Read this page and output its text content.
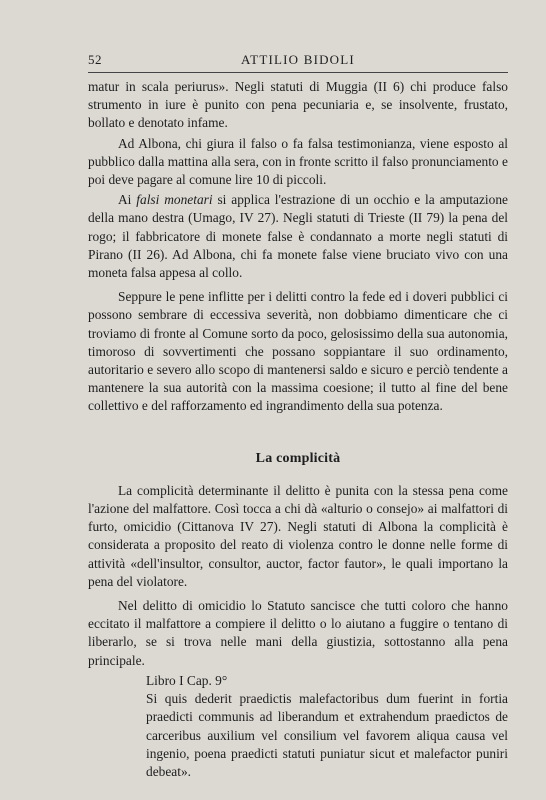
52	ATTILIO BIDOLI

matur in scala periurus». Negli statuti di Muggia (II 6) chi produce falso strumento in iure è punito con pena pecuniaria e, se insolvente, frustato, bollato e denotato infame.

Ad Albona, chi giura il falso o fa falsa testimonianza, viene esposto al pubblico dalla mattina alla sera, con in fronte scritto il falso pronunciamento e poi deve pagare al comune lire 10 di piccoli.

Ai falsi monetari si applica l'estrazione di un occhio e la amputazione della mano destra (Umago, IV 27). Negli statuti di Trieste (II 79) la pena del rogo; il fabbricatore di monete false è condannato a morte negli statuti di Pirano (II 26). Ad Albona, chi fa monete false viene bruciato vivo con una moneta falsa appesa al collo.

Seppure le pene inflitte per i delitti contro la fede ed i doveri pubblici ci possono sembrare di eccessiva severità, non dobbiamo dimenticare che ci troviamo di fronte al Comune sorto da poco, gelosissimo della sua autonomia, timoroso di sovvertimenti che possano soppiantare il suo ordinamento, autoritario e severo allo scopo di mantenersi saldo e sicuro e perciò tendente a mantenere la sua autorità con la massima coesione; il tutto al fine del bene collettivo e del rafforzamento ed ingrandimento della sua potenza.

La complicità

La complicità determinante il delitto è punita con la stessa pena come l'azione del malfattore. Così tocca a chi dà «alturio o consejo» ai malfattori di furto, omicidio (Cittanova IV 27). Negli statuti di Albona la complicità è considerata a proposito del reato di violenza contro le donne nelle forme di attività «dell'insultor, consultor, auctor, factor fautor», le quali importano la pena del violatore.

Nel delitto di omicidio lo Statuto sancisce che tutti coloro che hanno eccitato il malfattore a compiere il delitto o lo aiutano a fuggire o tentano di liberarlo, se si trova nelle mani della giustizia, sottostanno alla pena principale.

Libro I Cap. 9°

Si quis dederit praedictis malefactoribus dum fuerint in fortia praedicti communis ad liberandum et extrahendum praedictos de carceribus auxilium vel consilium vel favorem aliqua causa vel ingenio, poena praedicti statuti puniatur sicut et malefactor puniri debeat».
